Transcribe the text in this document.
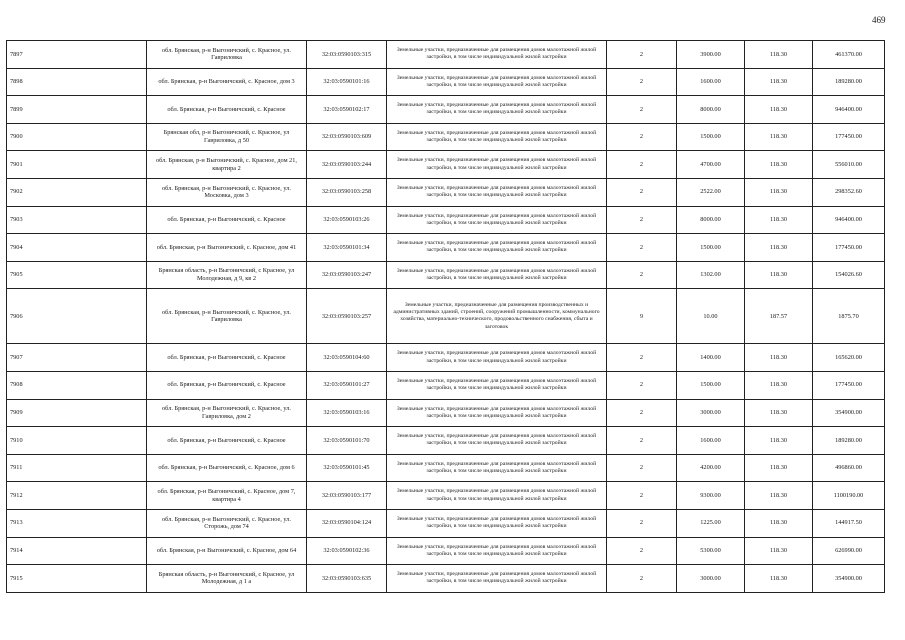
469
7897	обл. Брянская, р-н Выгоничский, с. Красное, ул. Гавриловка	32:03:0590103:315	Земельные участки, предназначенные для размещения домов малоэтажной жилой застройки, в том числе индивидуальной жилой застройки	2	3900.00	118.30	461370.00
7898	обл. Брянская, р-н Выгоничский, с. Красное, дом 3	32:03:0590101:16	Земельные участки, предназначенные для размещения домов малоэтажной жилой застройки, в том числе индивидуальной жилой застройки	2	1600.00	118.30	189280.00
7899	обл. Брянская, р-н Выгоничский, с. Красное	32:03:0590102:17	Земельные участки, предназначенные для размещения домов малоэтажной жилой застройки, в том числе индивидуальной жилой застройки	2	8000.00	118.30	946400.00
7900	Брянская обл, р-н Выгоничский, с. Красное, ул Гавриловка, д 50	32:03:0590103:609	Земельные участки, предназначенные для размещения домов малоэтажной жилой застройки, в том числе индивидуальной жилой застройки	2	1500.00	118.30	177450.00
7901	обл. Брянская, р-н Выгоничский, с. Красное, дом 21, квартира 2	32:03:0590103:244	Земельные участки, предназначенные для размещения домов малоэтажной жилой застройки, в том числе индивидуальной жилой застройки	2	4700.00	118.30	556010.00
7902	обл. Брянская, р-н Выгоничский, с. Красное, ул. Московка, дом 3	32:03:0590103:258	Земельные участки, предназначенные для размещения домов малоэтажной жилой застройки, в том числе индивидуальной жилой застройки	2	2522.00	118.30	298352.60
7903	обл. Брянская, р-н Выгоничский, с. Красное	32:03:0590103:26	Земельные участки, предназначенные для размещения домов малоэтажной жилой застройки, в том числе индивидуальной жилой застройки	2	8000.00	118.30	946400.00
7904	обл. Брянская, р-н Выгоничский, с. Красное, дом 41	32:03:0590101:34	Земельные участки, предназначенные для размещения домов малоэтажной жилой застройки, в том числе индивидуальной жилой застройки	2	1500.00	118.30	177450.00
7905	Брянская область, р-н Выгоничский, с Красное, ул Молодежная, д 9, кв 2	32:03:0590103:247	Земельные участки, предназначенные для размещения домов малоэтажной жилой застройки, в том числе индивидуальной жилой застройки	2	1302.00	118.30	154026.60
7906	обл. Брянская, р-н Выгоничский, с. Красное, ул. Гавриловка	32:03:0590103:257	Земельные участки, предназначенные для размещения производственных и административных зданий, строений, сооружений промышленности, коммунального хозяйства, материально-технического, продовольственного снабжения, сбыта и заготовок	9	10.00	187.57	1875.70
7907	обл. Брянская, р-н Выгоничский, с. Красное	32:03:0590104:60	Земельные участки, предназначенные для размещения домов малоэтажной жилой застройки, в том числе индивидуальной жилой застройки	2	1400.00	118.30	165620.00
7908	обл. Брянская, р-н Выгоничский, с. Красное	32:03:0590101:27	Земельные участки, предназначенные для размещения домов малоэтажной жилой застройки, в том числе индивидуальной жилой застройки	2	1500.00	118.30	177450.00
7909	обл. Брянская, р-н Выгоничский, с. Красное, ул. Гавриловка, дом 2	32:03:0590103:16	Земельные участки, предназначенные для размещения домов малоэтажной жилой застройки, в том числе индивидуальной жилой застройки	2	3000.00	118.30	354900.00
7910	обл. Брянская, р-н Выгоничский, с. Красное	32:03:0590101:70	Земельные участки, предназначенные для размещения домов малоэтажной жилой застройки, в том числе индивидуальной жилой застройки	2	1600.00	118.30	189280.00
7911	обл. Брянская, р-н Выгоничский, с. Красное, дом 6	32:03:0590101:45	Земельные участки, предназначенные для размещения домов малоэтажной жилой застройки, в том числе индивидуальной жилой застройки	2	4200.00	118.30	496860.00
7912	обл. Брянская, р-н Выгоничский, с. Красное, дом 7, квартира 4	32:03:0590103:177	Земельные участки, предназначенные для размещения домов малоэтажной жилой застройки, в том числе индивидуальной жилой застройки	2	9300.00	118.30	1100190.00
7913	обл. Брянская, р-н Выгоничский, с. Красное, ул. Сторожь, дом 74	32:03:0590104:124	Земельные участки, предназначенные для размещения домов малоэтажной жилой застройки, в том числе индивидуальной жилой застройки	2	1225.00	118.30	144917.50
7914	обл. Брянская, р-н Выгоничский, с. Красное, дом 64	32:03:0590102:36	Земельные участки, предназначенные для размещения домов малоэтажной жилой застройки, в том числе индивидуальной жилой застройки	2	5300.00	118.30	626990.00
7915	Брянская область, р-н Выгоничский, с Красное, ул Молодежная, д 1 а	32:03:0590103:635	Земельные участки, предназначенные для размещения домов малоэтажной жилой застройки, в том числе индивидуальной жилой застройки	2	3000.00	118.30	354900.00
